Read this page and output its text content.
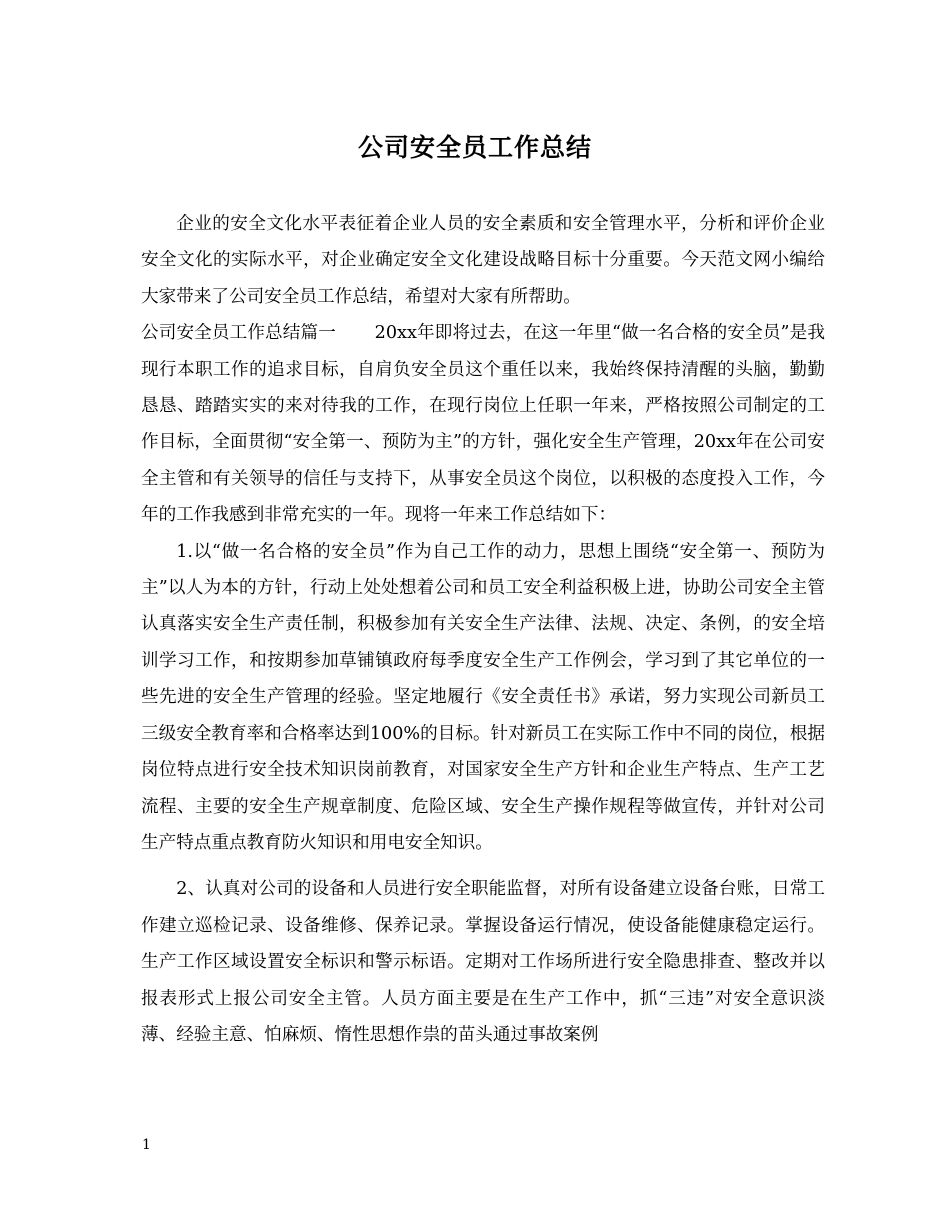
公司安全员工作总结

企业的安全文化水平表征着企业人员的安全素质和安全管理水平，分析和评价企业安全文化的实际水平，对企业确定安全文化建设战略目标十分重要。今天范文网小编给大家带来了公司安全员工作总结，希望对大家有所帮助。

公司安全员工作总结篇一 20xx年即将过去，在这一年里“做一名合格的安全员”是我现行本职工作的追求目标，自肩负安全员这个重任以来，我始终保持清醒的头脑，勤勤恳恳、踏踏实实的来对待我的工作，在现行岗位上任职一年来，严格按照公司制定的工作目标，全面贯彻“安全第一、预防为主”的方针，强化安全生产管理，20xx年在公司安全主管和有关领导的信任与支持下，从事安全员这个岗位，以积极的态度投入工作，今年的工作我感到非常充实的一年。现将一年来工作总结如下：

1.以“做一名合格的安全员”作为自己工作的动力，思想上围绕“安全第一、预防为主”以人为本的方针，行动上处处想着公司和员工安全利益积极上进，协助公司安全主管认真落实安全生产责任制，积极参加有关安全生产法律、法规、决定、条例，的安全培训学习工作，和按期参加草铺镇政府每季度安全生产工作例会，学习到了其它单位的一些先进的安全生产管理的经验。坚定地履行《安全责任书》承诺，努力实现公司新员工三级安全教育率和合格率达到100%的目标。针对新员工在实际工作中不同的岗位，根据岗位特点进行安全技术知识岗前教育，对国家安全生产方针和企业生产特点、生产工艺流程、主要的安全生产规章制度、危险区域、安全生产操作规程等做宣传，并针对公司生产特点重点教育防火知识和用电安全知识。

2、认真对公司的设备和人员进行安全职能监督，对所有设备建立设备台账，日常工作建立巡检记录、设备维修、保养记录。掌握设备运行情况，使设备能健康稳定运行。生产工作区域设置安全标识和警示标语。定期对工作场所进行安全隐患排查、整改并以报表形式上报公司安全主管。人员方面主要是在生产工作中，抓“三违”对安全意识淡薄、经验主意、怕麻烦、惰性思想作祟的苗头通过事故案例

1
